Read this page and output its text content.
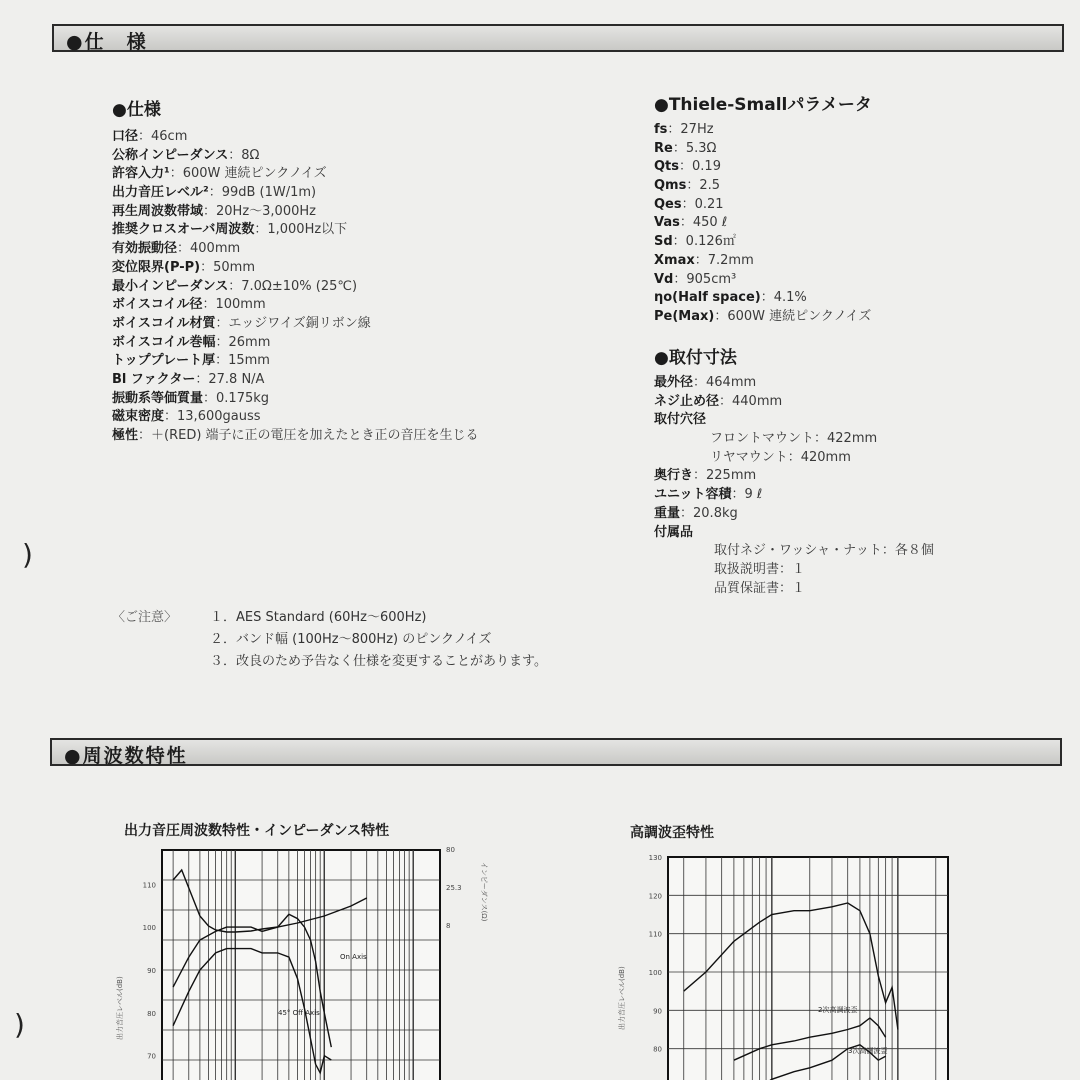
●仕　様
●仕様
口径：46cm
公称インピーダンス：8Ω
許容入力¹：600W 連続ピンクノイズ
出力音圧レベル²：99dB (1W/1m)
再生周波数帯域：20Hz～3,000Hz
推奨クロスオーバ周波数：1,000Hz以下
有効振動径：400mm
変位限界(P-P)：50mm
最小インピーダンス：7.0Ω±10% (25℃)
ボイスコイル径：100mm
ボイスコイル材質：エッジワイズ銅リボン線
ボイスコイル巻幅：26mm
トッププレート厚：15mm
Bl ファクター：27.8 N/A
振動系等価質量：0.175kg
磁束密度：13,600gauss
極性：＋(RED) 端子に正の電圧を加えたとき正の音圧を生じる
●Thiele-Smallパラメータ
fs：27Hz
Re：5.3Ω
Qts：0.19
Qms：2.5
Qes：0.21
Vas：450 ℓ
Sd：0.126㎡
Xmax：7.2mm
Vd：905cm³
ηo(Half space)：4.1%
Pe(Max)：600W 連続ピンクノイズ
●取付寸法
最外径：464mm
ネジ止め径：440mm
取付穴径
フロントマウント：422mm
リヤマウント：420mm
奥行き：225mm
ユニット容積：9 ℓ
重量：20.8kg
付属品
取付ネジ・ワッシャ・ナット：各８個
取扱説明書：１
品質保証書：１
)
)
〈ご注意〉	１．AES Standard (60Hz～600Hz)
２．バンド幅 (100Hz～800Hz) のピンクノイズ
３．改良のため予告なく仕様を変更することがあります。
●周波数特性
出力音圧周波数特性・インピーダンス特性	高調波歪特性
110
100
90
80
70
80
25.3
8
出力音圧レベル(dB)
インピーダンス(Ω)
On Axis
45° Off Axis
130
120
110
100
90
80
出力音圧レベル(dB)	2次高調波歪
3次高調波歪
